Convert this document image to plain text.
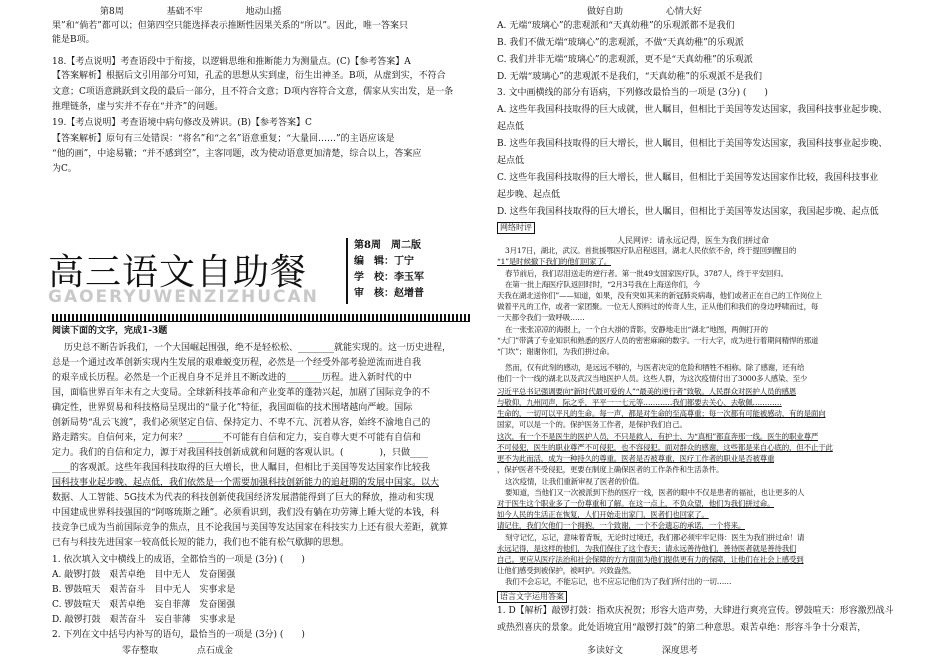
第8周	基础不牢	地动山摇
果”和“倘若”都可以；但第四空只能选择表示推断性因果关系的“所以”。因此，唯一答案只
能是B项。
18.【考点说明】考查语段中于衔接，以逻辑思维和推断能力为测量点。(C)【参考答案】A
【答案解析】根据后文引用部分可知，孔孟的思想从实到虚，衍生出神圣。B项，从虚到实，不符合
文意；C项语意跳跃到文段的最后一部分，且不符合文意；D项内容符合文意，儒家从实出发，是一条
推理链条，虚与实并不存在“并齐”的问题。
19.【考点说明】考查语境中病句修改及辨识。(B)【参考答案】C
【答案解析】原句有三处错误：“将名”和“之名”语意重复；“大量回……”的主语应该是
“他的画”，中途易辙；“并不感到空”，主客同题，改为使动语意更加清楚，综合以上，答案应
为C。
高三语文自助餐
GAOERYUWENZIZHUCAN
第8周　周二版
编　辑：丁宁
学　校：李玉军
审　核：赵增普
阅读下面的文字，完成1-3题
历史总不断告诉我们，一个大国崛起围强，绝不是轻松松、________就能实现的。这一历史进程，
总是一个通过改革创新实现内生发展的艰难蜕变历程，必然是一个经受外部考验逆流而进自我
的艰辛成长历程。必然是一个正视自身不足并且不断改进的________历程。进入新时代的中
国，面临世界百年未有之大变局。全球新科技革命和产业变革的蓬勃兴起，加剧了国际竞争的不
确定性，世界贸易和科技格局呈现出的“量子化”特征，我国面临的技术围堵越向严峻。国际
创新局势“乱云飞渡”，我们必须坚定自信、保持定力、不卑不亢、沉着从容，始终不渝地自己的
路走踏实。自信何来，定力何来？________不可能有自信和定力，妄自尊大更不可能有自信和
定力。我们的自信和定力，源于对我国科技创新成就和问题的客观认识。(　　　　)，只做____
____的客观派。这些年我国科技取得的巨大增长，世人瞩目，但相比于美国等发达国家作比较我
国科技事业起步晚、起点低，我们依然是一个需要加强科技创新能力的追赶期的发展中国家。以大
数据、人工智能、5G技术为代表的科技创新使我国经济发展潜能得到了巨大的释放，推动和实现
中国建成世界科技强国的“阿喀琉斯之踵”。必须看识到，我们没有躺在功劳簿上睡大觉的本钱，科
技竞争已成为当前国际竞争的焦点，且不论我国与美国等发达国家在科技实力上还有很大差距，就算
已有与科技先进国家一较高低长短的能力，我们也不能有松气歇脚的思想。
1. 依次填入文中横线上的成语，全都恰当的一项是 (3分) (　　)
A. 敲锣打鼓　艰苦卓绝　目中无人　发奋图强
B. 锣鼓喧天　艰苦奋斗　目中无人　实事求是
C. 锣鼓喧天　艰苦卓绝　妄自菲薄　发奋图强
D. 敲锣打鼓　艰苦奋斗　妄自菲薄　实事求是
2. 下列在文中括号内补写的语句，最恰当的一项是 (3分) (　　)
零存整取	点石成金
做好自助	心情大好
A. 无端“玻璃心”的悲观派和“天真幼稚”的乐观派都不是我们
B. 我们不做无端“玻璃心”的悲观派，不做“天真幼稚”的乐观派
C. 我们并非无端“玻璃心”的悲观派，更不是“天真幼稚”的乐观派
D. 无端“玻璃心”的悲观派不是我们，“天真幼稚”的乐观派不是我们
3. 文中画横线的部分有语病，下列修改最恰当的一项是 (3分) (　　)
A. 这些年我国科技取得的巨大成就，世人瞩目，但相比于美国等发达国家，我国科技事业起步晚、
起点低
B. 这些年我国科技取得的巨大增长，世人瞩目，但相比于美国等发达国家，我国科技事业起步晚、
起点低
C. 这些年我国科技取得的巨大增长，世人瞩目，但相比于美国等发达国家作比较，我国科技事业
起步晚、起点低
D. 这些年我国科技取得的巨大增长，世人瞩目，但相比于美国等发达国家，我国起步晚、起点低
网络时评
人民网评：请永远记得，医生为我们拼过命
3月17日，湖北，武汉。首批援鄂医疗队启程返回，湖北人民依依不舍，终于提回到醒目的
“1”是时候撤下我们的他们回家了。
春节前后，我们忍泪送走的逆行者。第一批49支国家医疗队，3787人，终于平安回归。
在第一批上海医疗队返回时时，“2月3号我在上海送你们，今
天我在湖北送你们”——知道，如果，没有突如其来的新冠肺炎病毒，他们或者正在自己的工作岗位上
做着平凡的工作，或者一家团聚。一位无人预料过的传奇人生，正从他们和我们的身边呼啸而过，每
一天都令我们一致呼吸……
在一张张凉凉的海报上，一个白大褂的背影，安静地走出“湖北”地图，两侧打开的
“大门”带满了专业知识和熟悉的医疗人员的密密麻麻的数字。一行大字，成为进行着期间精悍的那道
“门坎”；谢谢你们，为我们拼过命。
然而，仅有此刻的感动，是远远不够的，与医者决定的危险和牺牲不相称。除了感谢，还有给
他们一个一线的湖北以及武汉当地医护人员。这些人群，为这次疫情付出了3000多人感染、至少
习近平总书记强调要向“新时代最可爱的人”“最美的逆行者”致敬。人民群众对医护人员的感恩
与敬仰，九州同声，际之乎，平平一一七元等…………我们都要去关心、去敬佩…………
生命的，一切可以平凡的生命。每一声，都是对生命的至高尊重；每一次都有可能被感动，有的是面向
国家，可以是一个的。保护医务工作者，是保护我们自己。
这次，有一个不是医生的医护人员，不只是救人，有护士、为“真相”都直奔那一线。医生的职业尊严
不可侵犯，医生的职业尊严不可侵犯，也不容侵犯。面对群众的感谢，这些都是来自心底的，但不止于此
更不为此而活，成为一种持久的尊重。医者是否被尊重，医疗工作者的职业是否被尊重
，保护医者不受侵犯，更要在制度上确保医者的工作条件和生活条件。
这次疫情，让我们重新审视了医者的价值。
要知道，当他们又一次被派到下热的医疗一线，医者的眼中不仅是患者的福祉，也让更多的人
对于医生这个职业多了一份尊重和了解。在这一点上，不负众望，他们为我们拼过命。
如今人民的生活正在恢复，人们开始走出家门，医者们也回家了。
请记住，我们欠他们一个拥抱，一个致谢，一个不会遗忘的承诺，一个将来。
刻守记忆，忘记，意味着背叛，无论时过境迁，我们都必须牢牢记得：医生为我们拼过命！请
永远记得，是这样的他们，为我们保住了这个春天；请永远善待他们，善待医者就是善待我们
自己。更应从医疗法治和社会保障的方方面面为他们提供更有力的保障，让他们在社会上感受到
让他们感受到被保护，被呵护。兴致盎然。
我们不会忘记，不能忘记，也不应忘记他们为了我们所付出的一切……
语言文字运用答案
1. D【解析】敲锣打鼓：指欢庆祝贺；形容大造声势，大肆进行爽亮宣传。锣鼓喧天：形容激烈战斗
或热烈喜庆的景象。此处语境宜用“敲锣打鼓”的第二种意思。艰苦卓绝：形容斗争十分艰苦，
多读好文	深度思考
